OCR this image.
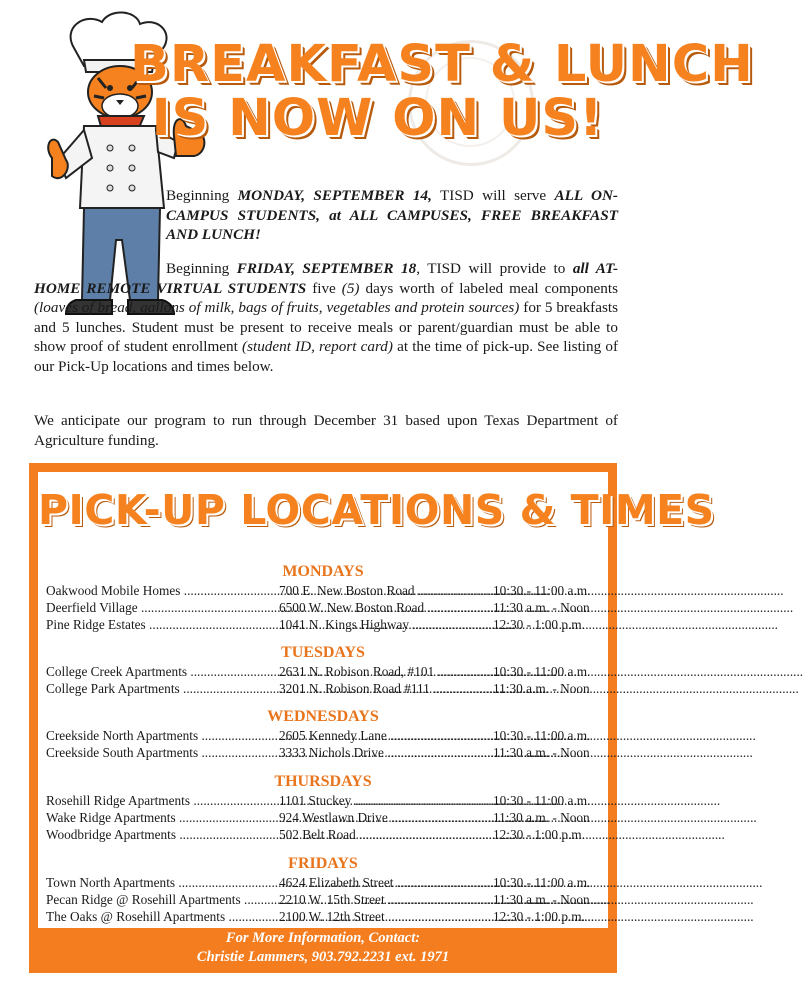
BREAKFAST & LUNCH
IS NOW ON US!
Beginning MONDAY, SEPTEMBER 14, TISD will serve ALL ON-CAMPUS STUDENTS, at ALL CAMPUSES, FREE BREAKFAST AND LUNCH!
Beginning FRIDAY, SEPTEMBER 18, TISD will provide to all AT-HOME REMOTE VIRTUAL STUDENTS five (5) days worth of labeled meal components (loaves of bread, gallons of milk, bags of fruits, vegetables and protein sources) for 5 breakfasts and 5 lunches. Student must be present to receive meals or parent/guardian must be able to show proof of student enrollment (student ID, report card) at the time of pick-up. See listing of our Pick-Up locations and times below.
We anticipate our program to run through December 31 based upon Texas Department of Agriculture funding.
PICK-UP LOCATIONS & TIMES
MONDAYS
Oakwood Mobile Homes .....	700 E. New Boston Road .....	10:30 - 11:00 a.m.
Deerfield Village .....	6500 W. New Boston Road .....	11:30 a.m. - Noon
Pine Ridge Estates .....	1041 N. Kings Highway .....	12:30 - 1:00 p.m.
TUESDAYS
College Creek Apartments .....	2631 N. Robison Road, #101 .....	10:30 - 11:00 a.m.
College Park Apartments .....	3201 N. Robison Road #111 .....	11:30 a.m. - Noon
WEDNESDAYS
Creekside North Apartments .....	2605 Kennedy Lane .....	10:30 - 11:00 a.m.
Creekside South Apartments .....	3333 Nichols Drive .....	11:30 a.m. - Noon
THURSDAYS
Rosehill Ridge Apartments .....	1101 Stuckey .....	10:30 - 11:00 a.m.
Wake Ridge Apartments .....	924 Westlawn Drive .....	11:30 a.m. - Noon
Woodbridge Apartments .....	502 Belt Road .....	12:30 - 1:00 p.m.
FRIDAYS
Town North Apartments .....	4624 Elizabeth Street .....	10:30 - 11:00 a.m.
Pecan Ridge @ Rosehill Apartments .....	2210 W. 15th Street .....	11:30 a.m. - Noon
The Oaks @ Rosehill Apartments .....	2100 W. 12th Street .....	12:30 - 1:00 p.m.
For More Information, Contact:
Christie Lammers, 903.792.2231 ext. 1971
